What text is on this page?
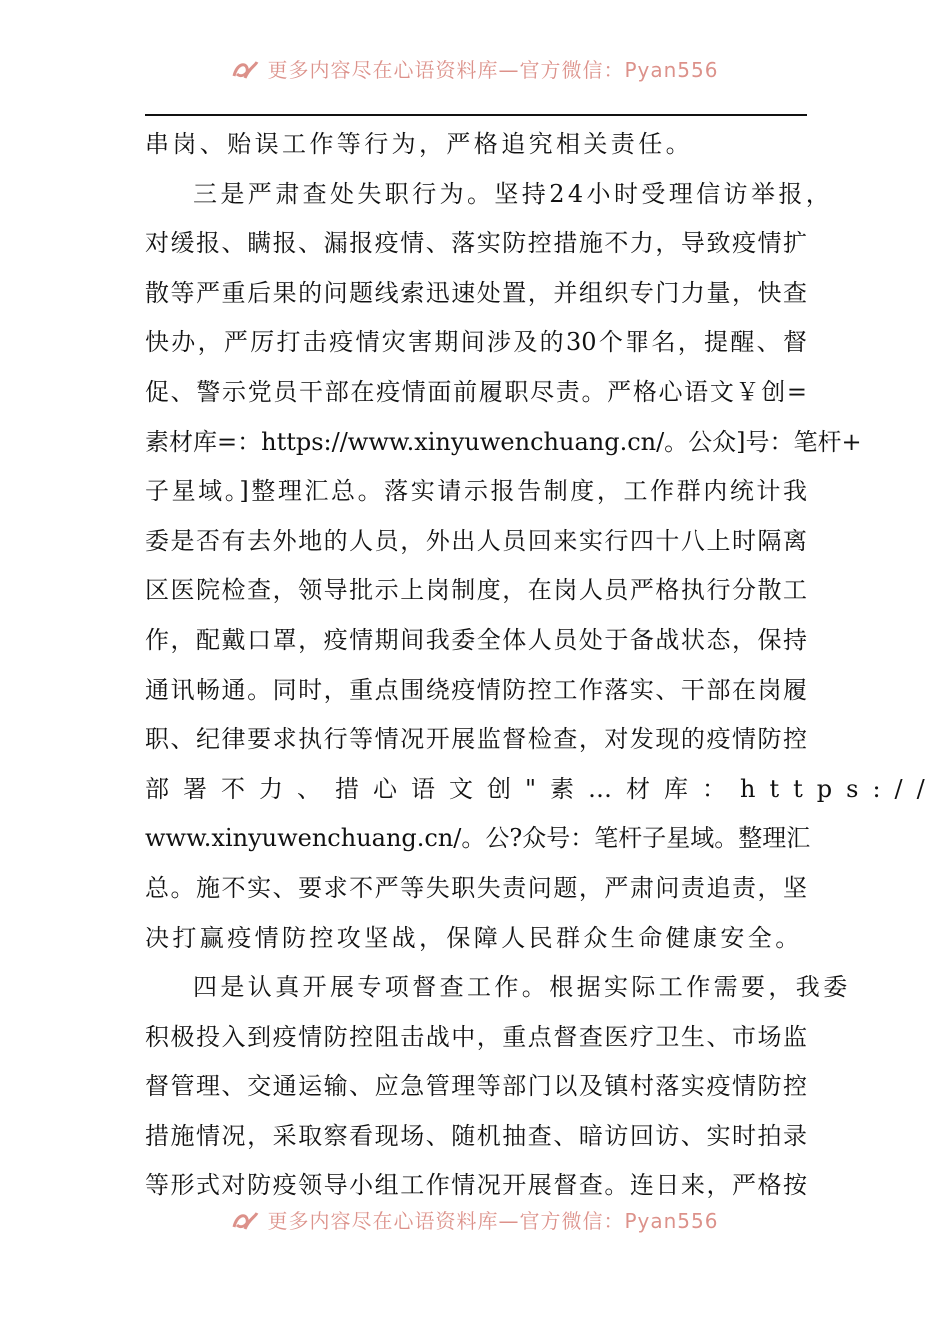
更多内容尽在心语资料库—官方微信：Pyan556
串岗、贻误工作等行为，严格追究相关责任。
三是严肃查处失职行为。坚持24小时受理信访举报，
对缓报、瞒报、漏报疫情、落实防控措施不力，导致疫情扩
散等严重后果的问题线索迅速处置，并组织专门力量，快查
快办，严厉打击疫情灾害期间涉及的30个罪名，提醒、督
促、警示党员干部在疫情面前履职尽责。严格心语文￥创=
素材库=：https://www.xinyuwenchuang.cn/。公众]号：笔杆+
子星域。]整理汇总。落实请示报告制度，工作群内统计我
委是否有去外地的人员，外出人员回来实行四十八上时隔离
区医院检查，领导批示上岗制度，在岗人员严格执行分散工
作，配戴口罩，疫情期间我委全体人员处于备战状态，保持
通讯畅通。同时，重点围绕疫情防控工作落实、干部在岗履
职、纪律要求执行等情况开展监督检查，对发现的疫情防控
部署不力、措心语文创"素…材库：https://
www.xinyuwenchuang.cn/。公?众号：笔杆子星域。整理汇
总。施不实、要求不严等失职失责问题，严肃问责追责，坚
决打赢疫情防控攻坚战，保障人民群众生命健康安全。
四是认真开展专项督查工作。根据实际工作需要，我委
积极投入到疫情防控阻击战中，重点督查医疗卫生、市场监
督管理、交通运输、应急管理等部门以及镇村落实疫情防控
措施情况，采取察看现场、随机抽查、暗访回访、实时拍录
等形式对防疫领导小组工作情况开展督查。连日来，严格按
更多内容尽在心语资料库—官方微信：Pyan556
